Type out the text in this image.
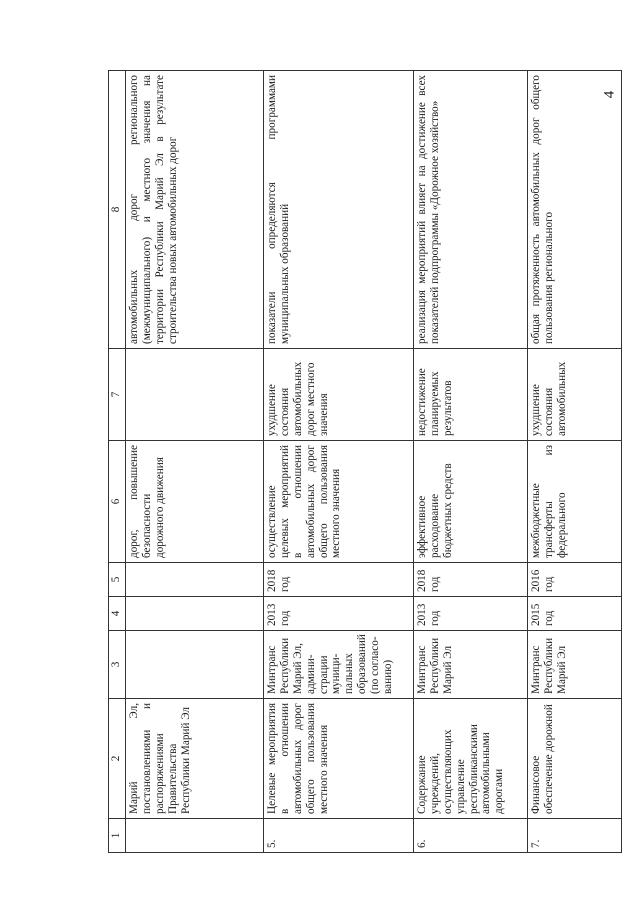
4
1	2	3	4	5	6	7	8
	Марий Эл, постановлениями и распоряжениями Правительства Республики Марий Эл				дорог, повышение безопасности дорожного движения		автомобильных дорог регионального (межмуниципального) и местного значения на территории Республики Марий Эл в результате строительства новых автомобильных дорог
5.	Целевые мероприятия в отношении автомобильных дорог общего пользования местного значения	Минтранс Республики Марий Эл, админи-страции муници-пальных образований (по согласо-ванию)	2013 год	2018 год	осуществление целевых мероприятий в отношении автомобильных дорог общего пользования местного значения	ухудшение состояния автомобильных дорог местного значения	показатели определяются программами муниципальных образований
6.	Содержание учреждений, осуществляющих управление республиканскими автомобильными дорогами	Минтранс Республики Марий Эл	2013 год	2018 год	эффективное расходование бюджетных средств	недостижение планируемых результатов	реализация мероприятий влияет на достижение всех показателей подпрограммы «Дорожное хозяйство»
7.	Финансовое обеспечение дорожной	Минтранс Республики Марий Эл	2015 год	2016 год	межбюджетные трансферты из федерального	ухудшение состояния автомобильных	общая протяженность автомобильных дорог общего пользования регионального
